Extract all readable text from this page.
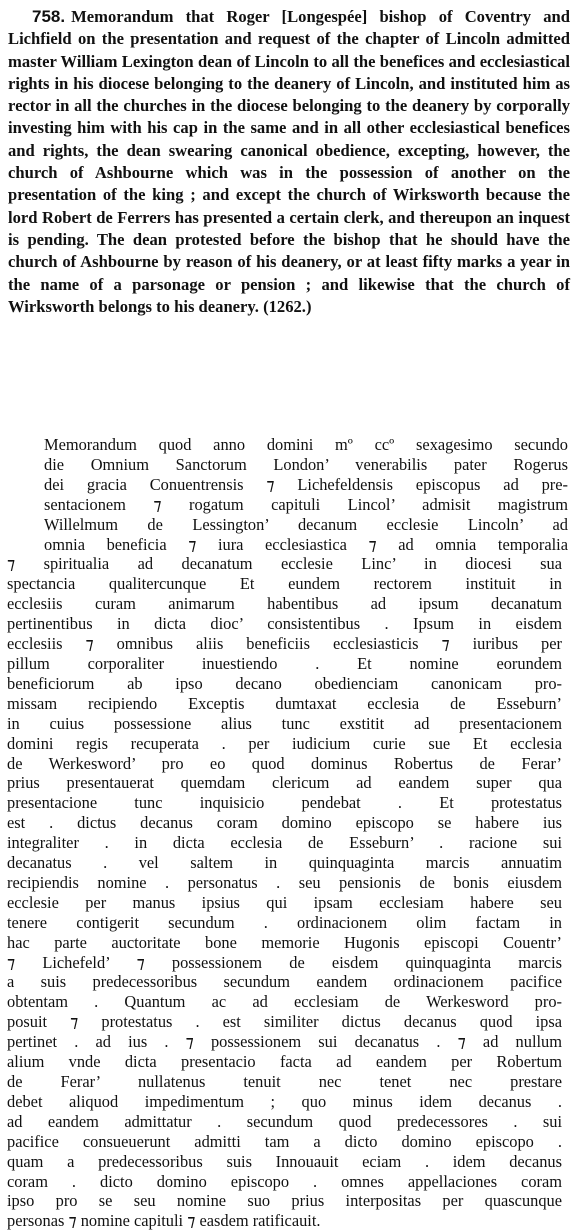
758. Memorandum that Roger [Longespée] bishop of Coventry and Lichfield on the presentation and request of the chapter of Lincoln admitted master William Lexington dean of Lincoln to all the benefices and ecclesiastical rights in his diocese belonging to the deanery of Lincoln, and instituted him as rector in all the churches in the diocese belonging to the deanery by corporally investing him with his cap in the same and in all other ecclesiastical benefices and rights, the dean swearing canonical obedience, excepting, however, the church of Ashbourne which was in the possession of another on the presentation of the king ; and except the church of Wirksworth because the lord Robert de Ferrers has presented a certain clerk, and thereupon an inquest is pending. The dean protested before the bishop that he should have the church of Ashbourne by reason of his deanery, or at least fifty marks a year in the name of a parsonage or pension ; and likewise that the church of Wirksworth belongs to his deanery. (1262.)

Memorandum quod anno domini mº ccº sexagesimo secundo
die Omnium Sanctorum London’ venerabilis pater Rogerus
dei gracia Conuentrensis ⁊ Lichefeldensis episcopus ad pre-
sentacionem ⁊ rogatum capituli Lincol’ admisit magistrum
Willelmum de Lessington’ decanum ecclesie Lincoln’ ad
omnia beneficia ⁊ iura ecclesiastica ⁊ ad omnia temporalia
⁊ spiritualia ad decanatum ecclesie Linc’ in diocesi sua
spectancia qualitercunque Et eundem rectorem instituit in
ecclesiis curam animarum habentibus ad ipsum decanatum
pertinentibus in dicta dioc’ consistentibus . Ipsum in eisdem
ecclesiis ⁊ omnibus aliis beneficiis ecclesiasticis ⁊ iuribus per
pillum corporaliter inuestiendo . Et nomine eorundem
beneficiorum ab ipso decano obedienciam canonicam pro-
missam recipiendo Exceptis dumtaxat ecclesia de Esseburn’
in cuius possessione alius tunc exstitit ad presentacionem
domini regis recuperata . per iudicium curie sue Et ecclesia
de Werkesword’ pro eo quod dominus Robertus de Ferar’
prius presentauerat quemdam clericum ad eandem super qua
presentacione tunc inquisicio pendebat . Et protestatus
est . dictus decanus coram domino episcopo se habere ius
integraliter . in dicta ecclesia de Esseburn’ . racione sui
decanatus . vel saltem in quinquaginta marcis annuatim
recipiendis nomine . personatus . seu pensionis de bonis eiusdem
ecclesie per manus ipsius qui ipsam ecclesiam habere seu
tenere contigerit secundum . ordinacionem olim factam in
hac parte auctoritate bone memorie Hugonis episcopi Couentr’
⁊ Lichefeld’ ⁊ possessionem de eisdem quinquaginta marcis
a suis predecessoribus secundum eandem ordinacionem pacifice
obtentam . Quantum ac ad ecclesiam de Werkesword pro-
posuit ⁊ protestatus . est similiter dictus decanus quod ipsa
pertinet . ad ius . ⁊ possessionem sui decanatus . ⁊ ad nullum
alium vnde dicta presentacio facta ad eandem per Robertum
de Ferar’ nullatenus tenuit nec tenet nec prestare
debet aliquod impedimentum ; quo minus idem decanus .
ad eandem admittatur . secundum quod predecessores . sui
pacifice consueuerunt admitti tam a dicto domino episcopo .
quam a predecessoribus suis Innouauit eciam . idem decanus
coram . dicto domino episcopo . omnes appellaciones coram
ipso pro se seu nomine suo prius interpositas per quascunque
personas ⁊ nomine capituli ⁊ easdem ratificauit.
